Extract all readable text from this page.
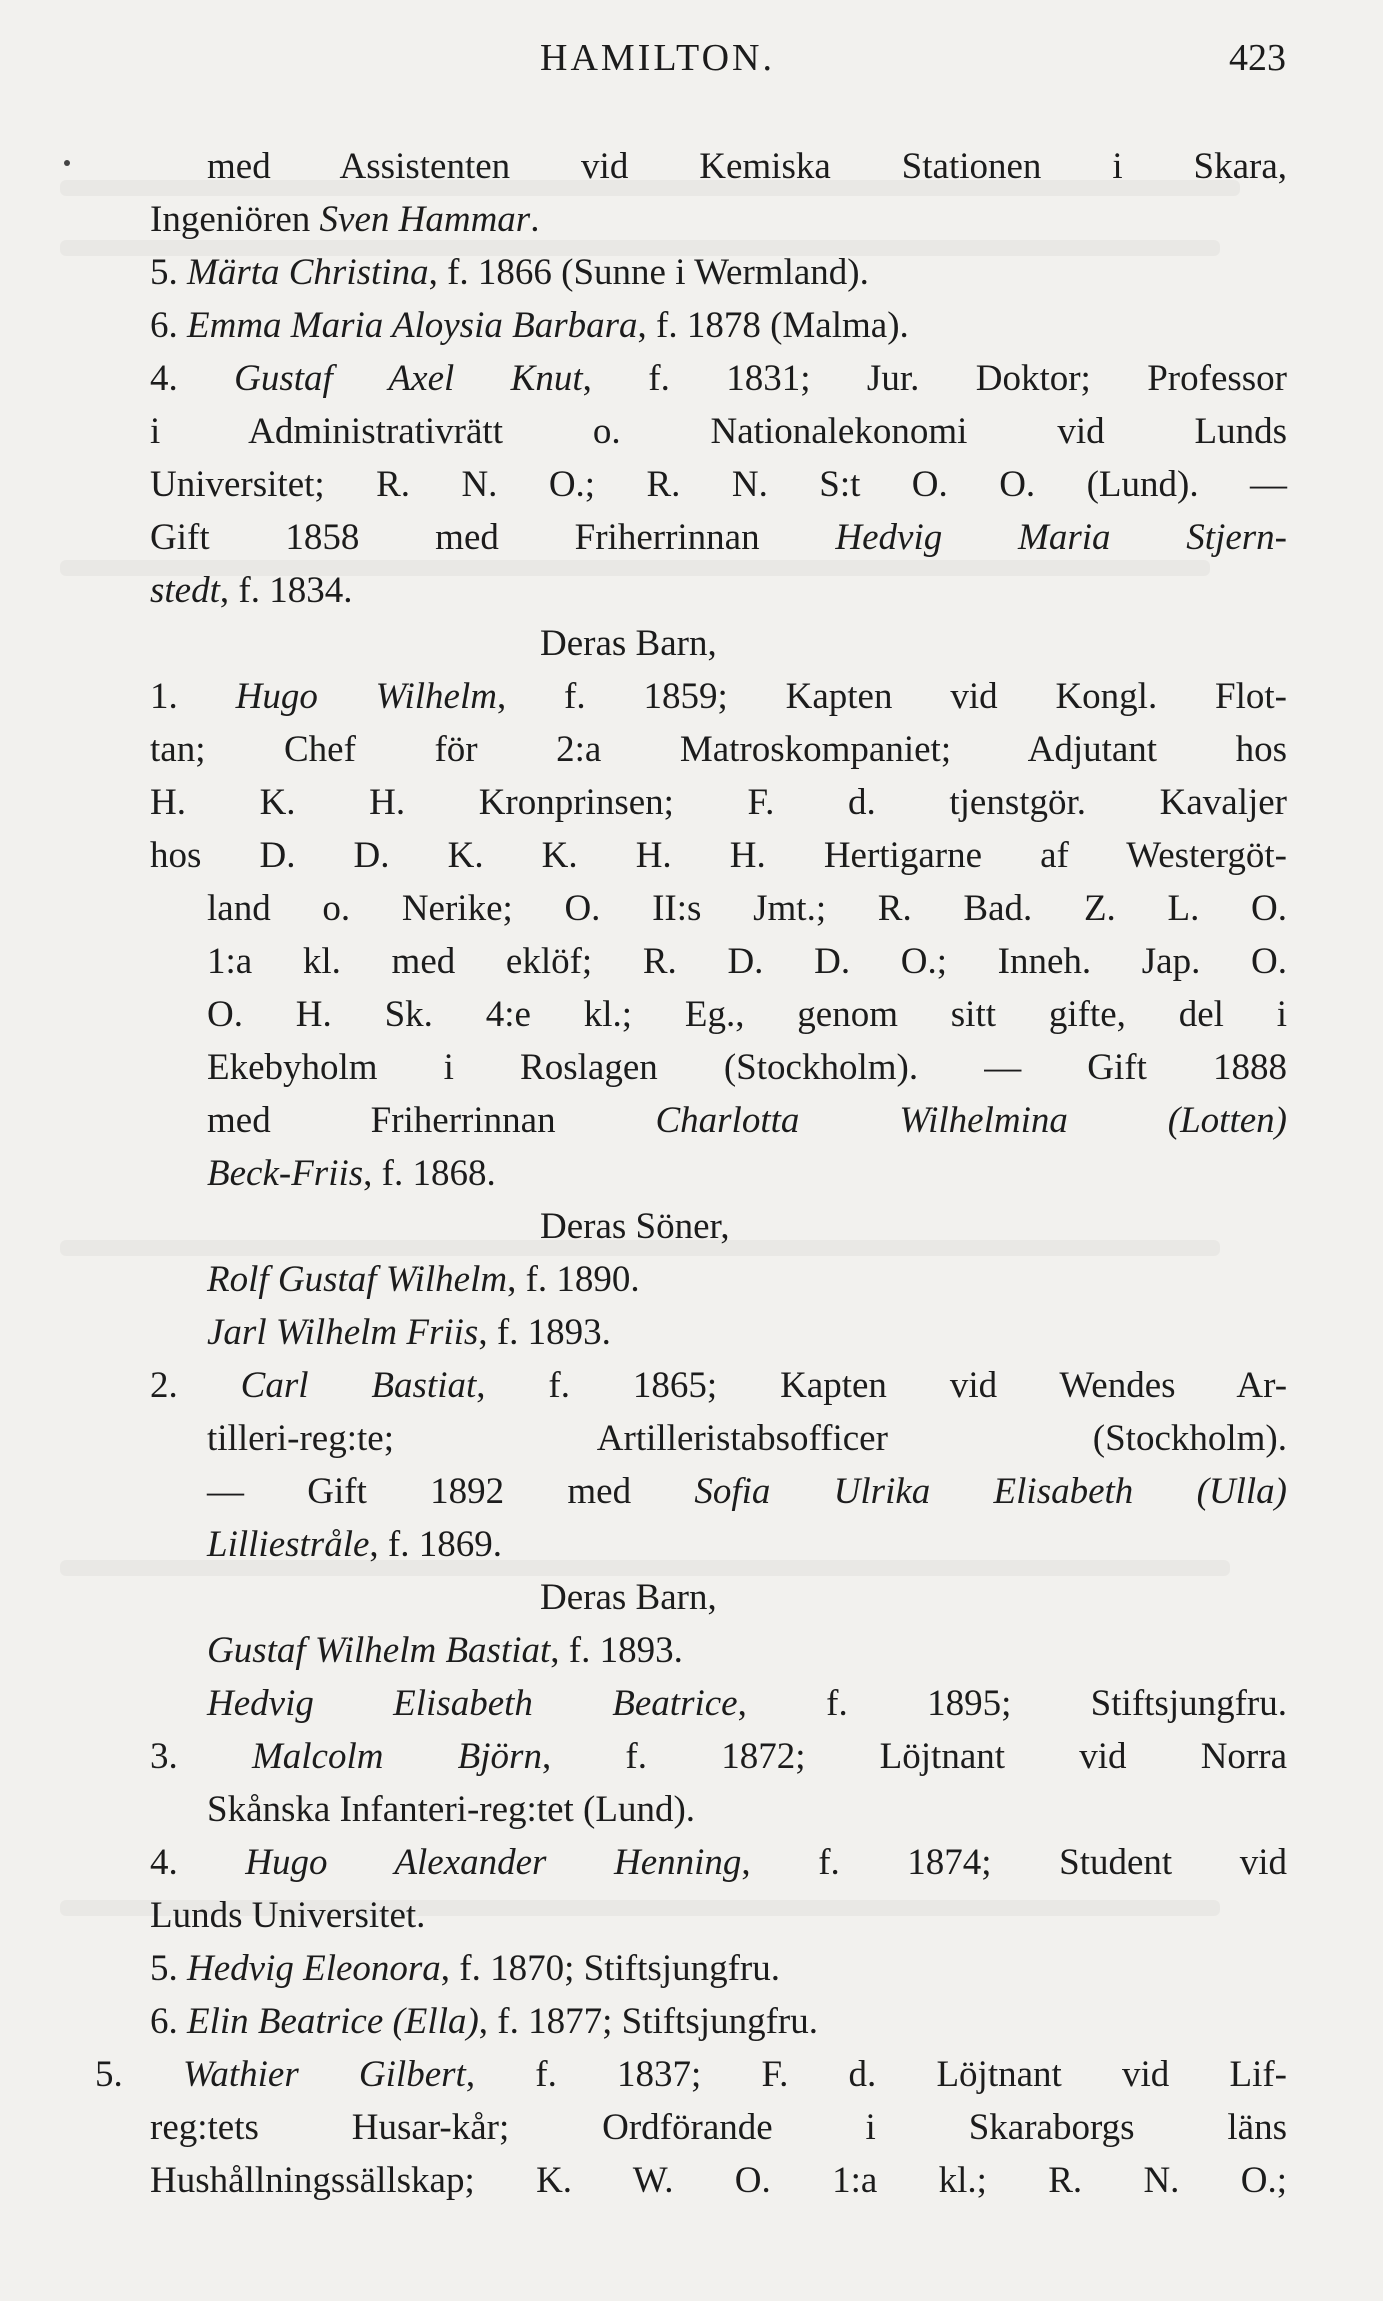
HAMILTON.	423
med Assistenten vid Kemiska Stationen i Skara,
Ingeniören Sven Hammar.
5. Märta Christina, f. 1866 (Sunne i Wermland).
6. Emma Maria Aloysia Barbara, f. 1878 (Malma).
4. Gustaf Axel Knut, f. 1831; Jur. Doktor; Professor
i Administrativrätt o. Nationalekonomi vid Lunds
Universitet; R. N. O.; R. N. S:t O. O. (Lund). —
Gift 1858 med Friherrinnan Hedvig Maria Stjern-
stedt, f. 1834.
Deras Barn,
1. Hugo Wilhelm, f. 1859; Kapten vid Kongl. Flot-
tan; Chef för 2:a Matroskompaniet; Adjutant hos
H. K. H. Kronprinsen; F. d. tjenstgör. Kavaljer
hos D. D. K. K. H. H. Hertigarne af Westergöt-
land o. Nerike; O. II:s Jmt.; R. Bad. Z. L. O.
1:a kl. med eklöf; R. D. D. O.; Inneh. Jap. O.
O. H. Sk. 4:e kl.; Eg., genom sitt gifte, del i
Ekebyholm i Roslagen (Stockholm). — Gift 1888
med Friherrinnan Charlotta Wilhelmina (Lotten)
Beck-Friis, f. 1868.
Deras Söner,
Rolf Gustaf Wilhelm, f. 1890.
Jarl Wilhelm Friis, f. 1893.
2. Carl Bastiat, f. 1865; Kapten vid Wendes Ar-
tilleri-reg:te; Artilleristabsofficer (Stockholm).
— Gift 1892 med Sofia Ulrika Elisabeth (Ulla)
Lilliestråle, f. 1869.
Deras Barn,
Gustaf Wilhelm Bastiat, f. 1893.
Hedvig Elisabeth Beatrice, f. 1895; Stiftsjungfru.
3. Malcolm Björn, f. 1872; Löjtnant vid Norra
Skånska Infanteri-reg:tet (Lund).
4. Hugo Alexander Henning, f. 1874; Student vid
Lunds Universitet.
5. Hedvig Eleonora, f. 1870; Stiftsjungfru.
6. Elin Beatrice (Ella), f. 1877; Stiftsjungfru.
5. Wathier Gilbert, f. 1837; F. d. Löjtnant vid Lif-
reg:tets Husar-kår; Ordförande i Skaraborgs läns
Hushållningssällskap; K. W. O. 1:a kl.; R. N. O.;
